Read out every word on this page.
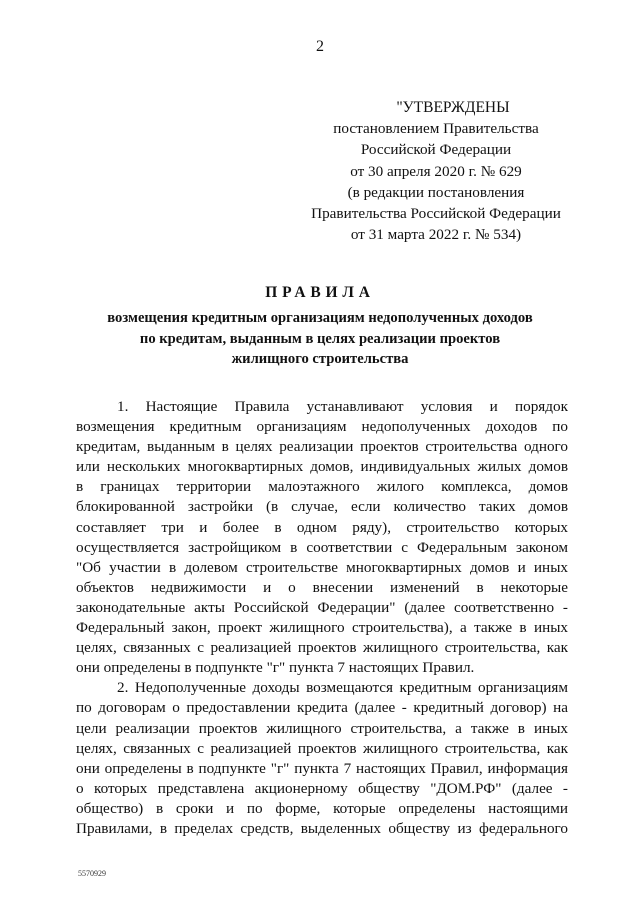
2
"УТВЕРЖДЕНЫ
постановлением Правительства
Российской Федерации
от 30 апреля 2020 г. № 629
(в редакции постановления
Правительства Российской Федерации
от 31 марта 2022 г. № 534)
ПРАВИЛА
возмещения кредитным организациям недополученных доходов
по кредитам, выданным в целях реализации проектов
жилищного строительства
1. Настоящие Правила устанавливают условия и порядок
возмещения кредитным организациям недополученных доходов по
кредитам, выданным в целях реализации проектов строительства одного
или нескольких многоквартирных домов, индивидуальных жилых домов
в границах территории малоэтажного жилого комплекса, домов
блокированной застройки (в случае, если количество таких домов
составляет три и более в одном ряду), строительство которых
осуществляется застройщиком в соответствии с Федеральным законом
"Об участии в долевом строительстве многоквартирных домов и иных
объектов недвижимости и о внесении изменений в некоторые
законодательные акты Российской Федерации" (далее соответственно -
Федеральный закон, проект жилищного строительства), а также в иных
целях, связанных с реализацией проектов жилищного строительства, как
они определены в подпункте "г" пункта 7 настоящих Правил.
2. Недополученные доходы возмещаются кредитным организациям
по договорам о предоставлении кредита (далее - кредитный договор) на
цели реализации проектов жилищного строительства, а также в иных
целях, связанных с реализацией проектов жилищного строительства, как
они определены в подпункте "г" пункта 7 настоящих Правил, информация
о которых представлена акционерному обществу "ДОМ.РФ" (далее -
общество) в сроки и по форме, которые определены настоящими
Правилами, в пределах средств, выделенных обществу из федерального
5570929
